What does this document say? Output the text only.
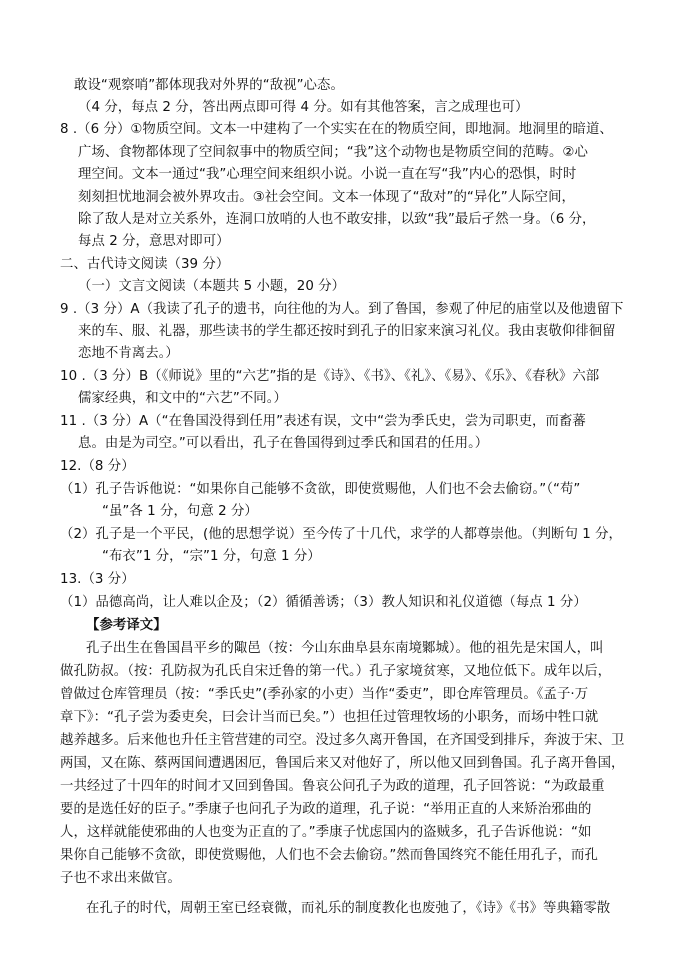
敢设“观察哨”都体现我对外界的“敌视”心态。
（4 分，每点 2 分，答出两点即可得 4 分。如有其他答案，言之成理也可）
8 .（6 分）①物质空间。文本一中建构了一个实实在在的物质空间，即地洞。地洞里的暗道、
广场、食物都体现了空间叙事中的物质空间；“我”这个动物也是物质空间的范畴。②心
理空间。文本一通过“我”心理空间来组织小说。小说一直在写“我”内心的恐惧，时时
刻刻担忧地洞会被外界攻击。③社会空间。文本一体现了“敌对”的“异化”人际空间，
除了敌人是对立关系外，连洞口放哨的人也不敢安排，以致“我”最后孑然一身。（6 分，
每点 2 分，意思对即可）
二、古代诗文阅读（39 分）
（一）文言文阅读（本题共 5 小题，20 分）
9 .（3 分）A（我读了孔子的遗书，向往他的为人。到了鲁国，参观了仲尼的庙堂以及他遗留下
来的车、服、礼器，那些读书的学生都还按时到孔子的旧家来演习礼仪。我由衷敬仰徘徊留
恋地不肯离去。）
10 .（3 分）B（《师说》里的“六艺”指的是《诗》、《书》、《礼》、《易》、《乐》、《春秋》六部
儒家经典，和文中的“六艺”不同。）
11 .（3 分）A（“在鲁国没得到任用”表述有误，文中“尝为季氏史，尝为司职吏，而畜蕃
息。由是为司空。”可以看出，孔子在鲁国得到过季氏和国君的任用。）
12.（8 分）
（1）孔子告诉他说：“如果你自己能够不贪欲，即使赏赐他，人们也不会去偷窃。”（“苟”
“虽”各 1 分，句意 2 分）
（2）孔子是一个平民，(他的思想学说）至今传了十几代，求学的人都尊崇他。（判断句 1 分，
“布衣”1 分，“宗”1 分，句意 1 分）
13.（3 分）
（1）品德高尚，让人难以企及；（2）循循善诱；（3）教人知识和礼仪道德（每点 1 分）
【参考译文】
孔子出生在鲁国昌平乡的陬邑（按：今山东曲阜县东南境鄹城）。他的祖先是宋国人，叫
做孔防叔。（按：孔防叔为孔氏自宋迁鲁的第一代。）孔子家境贫寒，又地位低下。成年以后，
曾做过仓库管理员（按：“季氏史”(季孙家的小吏）当作“委吏”，即仓库管理员。《孟子·万
章下》：“孔子尝为委吏矣，曰会计当而已矣。”）也担任过管理牧场的小职务，而场中牲口就
越养越多。后来他也升任主管营建的司空。没过多久离开鲁国，在齐国受到排斥，奔波于宋、卫
两国，又在陈、蔡两国间遭遇困厄，鲁国后来又对他好了，所以他又回到鲁国。孔子离开鲁国，
一共经过了十四年的时间才又回到鲁国。鲁哀公问孔子为政的道理，孔子回答说：“为政最重
要的是选任好的臣子。”季康子也问孔子为政的道理，孔子说：“举用正直的人来矫治邪曲的
人，这样就能使邪曲的人也变为正直的了。”季康子忧虑国内的盗贼多，孔子告诉他说：“如
果你自己能够不贪欲，即使赏赐他，人们也不会去偷窃。”然而鲁国终究不能任用孔子，而孔
子也不求出来做官。
在孔子的时代，周朝王室已经衰微，而礼乐的制度教化也废弛了，《诗》《书》等典籍零散
